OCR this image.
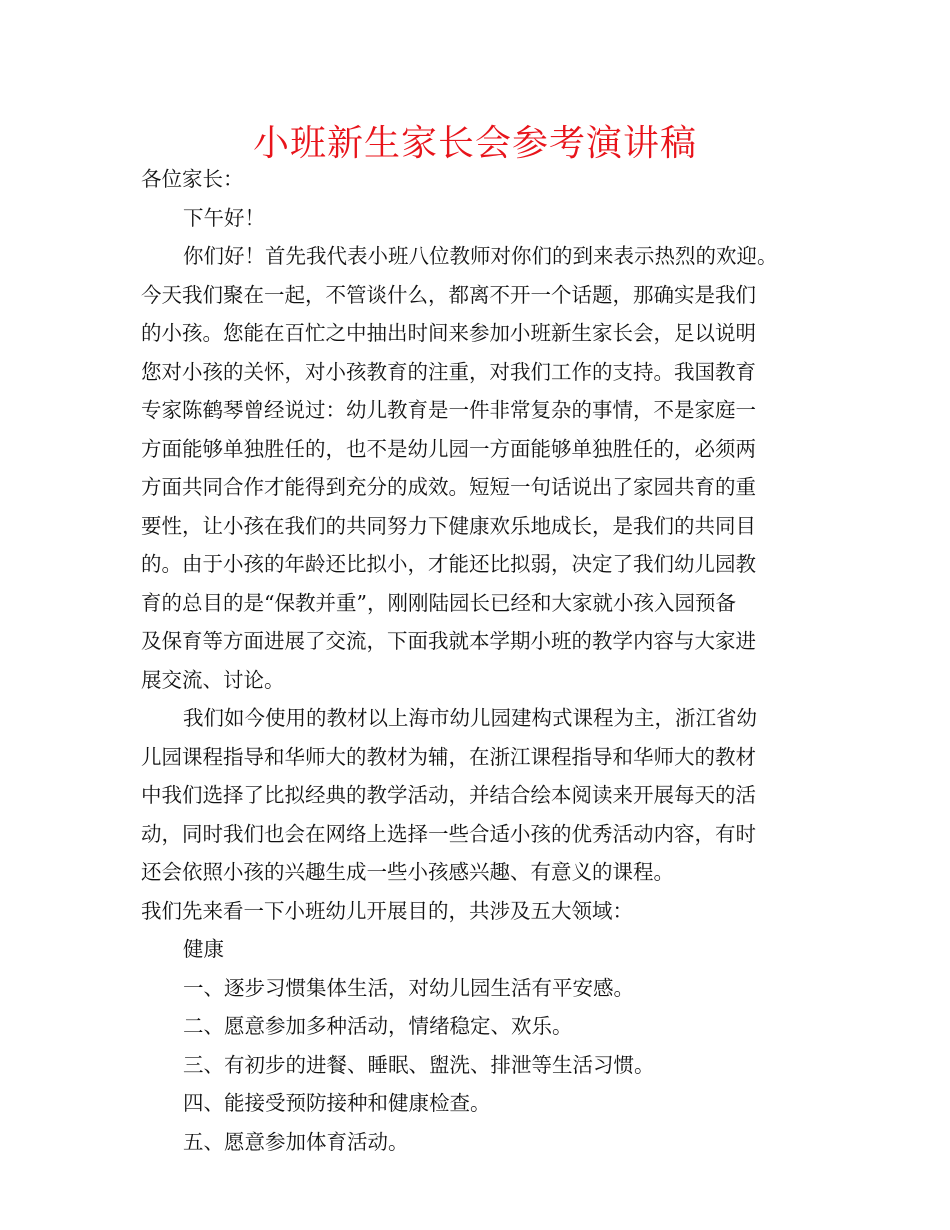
小班新生家长会参考演讲稿

各位家长：

下午好！

你们好！首先我代表小班八位教师对你们的到来表示热烈的欢迎。

今天我们聚在一起，不管谈什么，都离不开一个话题，那确实是我们

的小孩。您能在百忙之中抽出时间来参加小班新生家长会，足以说明

您对小孩的关怀，对小孩教育的注重，对我们工作的支持。我国教育

专家陈鹤琴曾经说过：幼儿教育是一件非常复杂的事情，不是家庭一

方面能够单独胜任的，也不是幼儿园一方面能够单独胜任的，必须两

方面共同合作才能得到充分的成效。短短一句话说出了家园共育的重

要性，让小孩在我们的共同努力下健康欢乐地成长，是我们的共同目

的。由于小孩的年龄还比拟小，才能还比拟弱，决定了我们幼儿园教

育的总目的是“保教并重”，刚刚陆园长已经和大家就小孩入园预备

及保育等方面进展了交流，下面我就本学期小班的教学内容与大家进

展交流、讨论。

我们如今使用的教材以上海市幼儿园建构式课程为主，浙江省幼

儿园课程指导和华师大的教材为辅，在浙江课程指导和华师大的教材

中我们选择了比拟经典的教学活动，并结合绘本阅读来开展每天的活

动，同时我们也会在网络上选择一些合适小孩的优秀活动内容，有时

还会依照小孩的兴趣生成一些小孩感兴趣、有意义的课程。

我们先来看一下小班幼儿开展目的，共涉及五大领域：

健康

一、逐步习惯集体生活，对幼儿园生活有平安感。

二、愿意参加多种活动，情绪稳定、欢乐。

三、有初步的进餐、睡眠、盥洗、排泄等生活习惯。

四、能接受预防接种和健康检查。

五、愿意参加体育活动。
